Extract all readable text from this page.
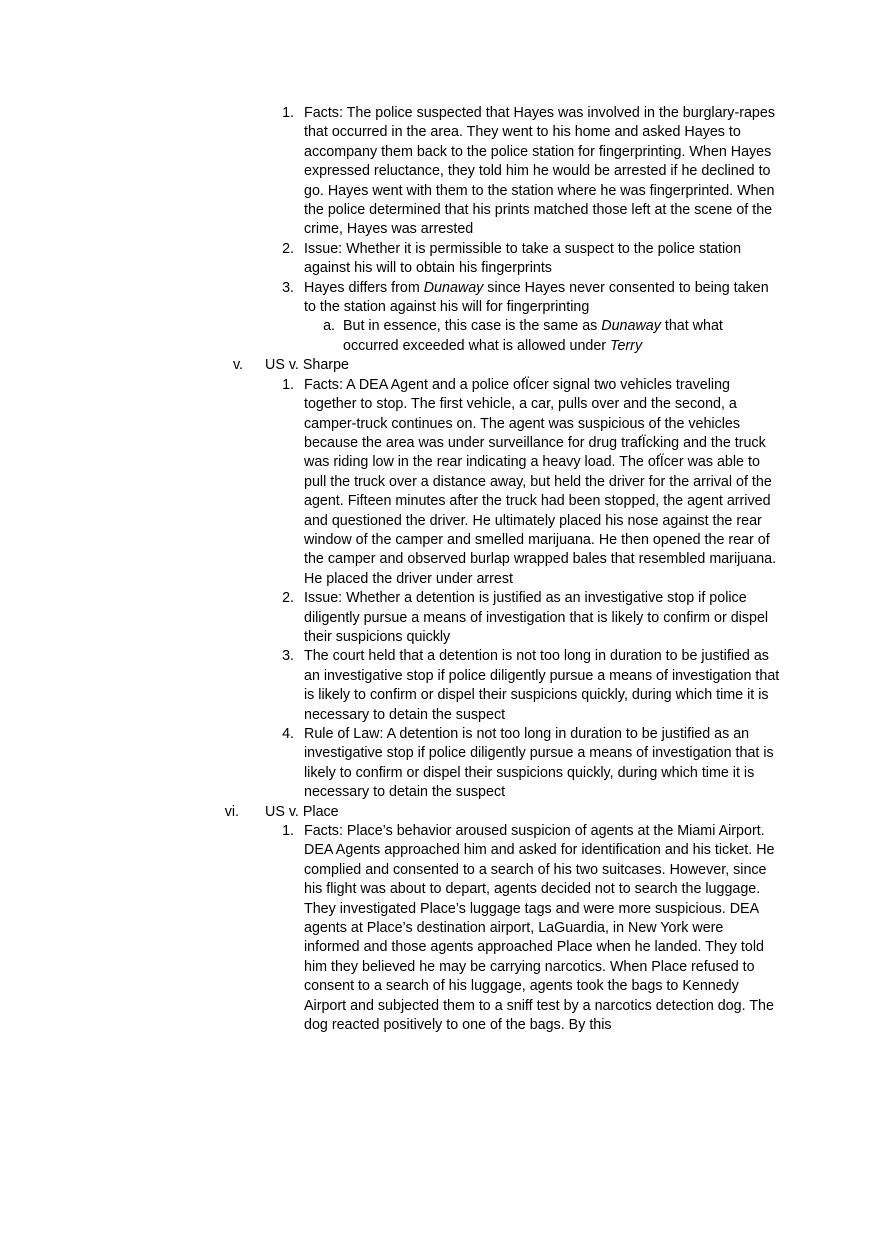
1. Facts: The police suspected that Hayes was involved in the burglary-rapes that occurred in the area. They went to his home and asked Hayes to accompany them back to the police station for fingerprinting. When Hayes expressed reluctance, they told him he would be arrested if he declined to go. Hayes went with them to the station where he was fingerprinted. When the police determined that his prints matched those left at the scene of the crime, Hayes was arrested
2. Issue: Whether it is permissible to take a suspect to the police station against his will to obtain his fingerprints
3. Hayes differs from Dunaway since Hayes never consented to being taken to the station against his will for fingerprinting
a. But in essence, this case is the same as Dunaway that what occurred exceeded what is allowed under Terry
v. US v. Sharpe
1. Facts: A DEA Agent and a police ofÏcer signal two vehicles traveling together to stop. The first vehicle, a car, pulls over and the second, a camper-truck continues on. The agent was suspicious of the vehicles because the area was under surveillance for drug trafÏcking and the truck was riding low in the rear indicating a heavy load. The ofÏcer was able to pull the truck over a distance away, but held the driver for the arrival of the agent. Fifteen minutes after the truck had been stopped, the agent arrived and questioned the driver. He ultimately placed his nose against the rear window of the camper and smelled marijuana. He then opened the rear of the camper and observed burlap wrapped bales that resembled marijuana. He placed the driver under arrest
2. Issue: Whether a detention is justified as an investigative stop if police diligently pursue a means of investigation that is likely to confirm or dispel their suspicions quickly
3. The court held that a detention is not too long in duration to be justified as an investigative stop if police diligently pursue a means of investigation that is likely to confirm or dispel their suspicions quickly, during which time it is necessary to detain the suspect
4. Rule of Law: A detention is not too long in duration to be justified as an investigative stop if police diligently pursue a means of investigation that is likely to confirm or dispel their suspicions quickly, during which time it is necessary to detain the suspect
vi. US v. Place
1. Facts: Place’s behavior aroused suspicion of agents at the Miami Airport. DEA Agents approached him and asked for identification and his ticket. He complied and consented to a search of his two suitcases. However, since his flight was about to depart, agents decided not to search the luggage. They investigated Place’s luggage tags and were more suspicious. DEA agents at Place’s destination airport, LaGuardia, in New York were informed and those agents approached Place when he landed. They told him they believed he may be carrying narcotics. When Place refused to consent to a search of his luggage, agents took the bags to Kennedy Airport and subjected them to a sniff test by a narcotics detection dog. The dog reacted positively to one of the bags. By this
